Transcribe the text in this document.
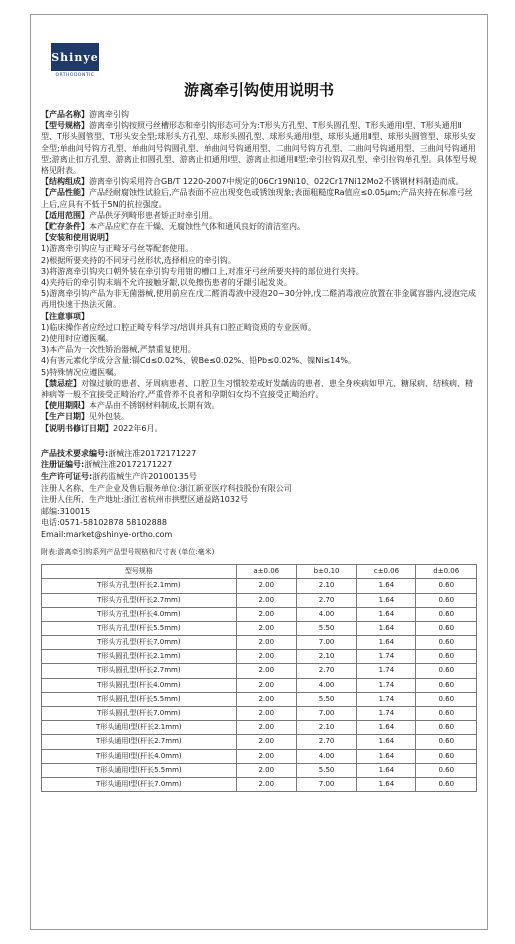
Shinye
ORTHODONTIC
游离牵引钩使用说明书

【产品名称】游离牵引钩

【型号规格】游离牵引钩按照弓丝槽形态和牵引钩形态可分为:T形头方孔型、T形头圆孔型、T形头通用Ⅰ型、T形头通用Ⅱ型、T形头圆管型、T形头安全型;球形头方孔型、球形头圆孔型、球形头通用Ⅰ型、球形头通用Ⅱ型、球形头圆管型、球形头安全型;单曲问号钩方孔型、单曲问号钩圆孔型、单曲问号钩通用型、二曲问号钩方孔型、二曲问号钩通用型、三曲问号钩通用型;游离止扣方孔型、游离止扣圆孔型、游离止扣通用Ⅰ型、游离止扣通用Ⅱ型;牵引拉钩双孔型、牵引拉钩单孔型。具体型号规格见附表。

【结构组成】游离牵引钩采用符合GB/T 1220-2007中规定的06Cr19Ni10、022Cr17Ni12Mo2不锈钢材料制造而成。

【产品性能】产品经耐腐蚀性试验后,产品表面不应出现变色或锈蚀现象;表面粗糙度Ra值应≤0.05μm;产品夹持在标准弓丝上后,应具有不低于5N的抗拉强度。

【适用范围】产品供牙列畸形患者矫正时牵引用。

【贮存条件】本产品应贮存在干燥、无腐蚀性气体和通风良好的清洁室内。

【安装和使用说明】

1)游离牵引钩应与正畸牙弓丝等配套使用。

2)根据所要夹持的不同牙弓丝形状,选择相应的牵引钩。

3)将游离牵引钩夹口朝外装在牵引钩专用钳的槽口上,对准牙弓丝所要夹持的部位进行夹持。

4)夹持后的牵引钩末端不允许接触牙龈,以免擦伤患者的牙龈引起发炎。

5)游离牵引钩产品为非无菌器械,使用前应在戊二醛消毒液中浸泡20~30分钟,戊二醛消毒液应放置在非金属容器内,浸泡完成再用快速干热法灭菌。

【注意事项】

1)临床操作者应经过口腔正畸专科学习/培训并具有口腔正畸资质的专业医师。

2)使用时应遵医嘱。

3)本产品为一次性矫治器械,严禁重复使用。

4)有害元素化学成分含量:镉Cd≤0.02%、铍Be≤0.02%、铅Pb≤0.02%、镍Ni≤14%。

5)特殊情况应遵医嘱。

【禁忌症】对镍过敏的患者、牙周病患者、口腔卫生习惯较差或好发龋齿的患者、患全身疾病如甲亢、糖尿病、结核病、精神病等一般不宜接受正畸治疗,严重营养不良者和孕期妇女均不宜接受正畸治疗。

【使用期限】本产品由不锈钢材料制成,长期有效。

【生产日期】见外包装。

【说明书修订日期】2022年6月。

产品技术要求编号:浙械注准20172171227

注册证编号:浙械注准20172171227

生产许可证号:浙药监械生产许20100135号

注册人名称、生产企业及售后服务单位:浙江新亚医疗科技股份有限公司

注册人住所、生产地址:浙江省杭州市拱墅区通益路1032号

邮编:310015

电话:0571-58102878 58102888

Email:market@shinye-ortho.com

附表:游离牵引钩系列产品型号规格和尺寸表 (单位:毫米)
型号规格	a±0.06	b±0.10	c±0.06	d±0.06
T形头方孔型(杆长2.1mm)	2.00	2.10	1.64	0.60
T形头方孔型(杆长2.7mm)	2.00	2.70	1.64	0.60
T形头方孔型(杆长4.0mm)	2.00	4.00	1.64	0.60
T形头方孔型(杆长5.5mm)	2.00	5.50	1.64	0.60
T形头方孔型(杆长7.0mm)	2.00	7.00	1.64	0.60
T形头圆孔型(杆长2.1mm)	2.00	2.10	1.74	0.60
T形头圆孔型(杆长2.7mm)	2.00	2.70	1.74	0.60
T形头圆孔型(杆长4.0mm)	2.00	4.00	1.74	0.60
T形头圆孔型(杆长5.5mm)	2.00	5.50	1.74	0.60
T形头圆孔型(杆长7.0mm)	2.00	7.00	1.74	0.60
T形头通用Ⅰ型(杆长2.1mm)	2.00	2.10	1.64	0.60
T形头通用Ⅰ型(杆长2.7mm)	2.00	2.70	1.64	0.60
T形头通用Ⅰ型(杆长4.0mm)	2.00	4.00	1.64	0.60
T形头通用Ⅰ型(杆长5.5mm)	2.00	5.50	1.64	0.60
T形头通用Ⅰ型(杆长7.0mm)	2.00	7.00	1.64	0.60
